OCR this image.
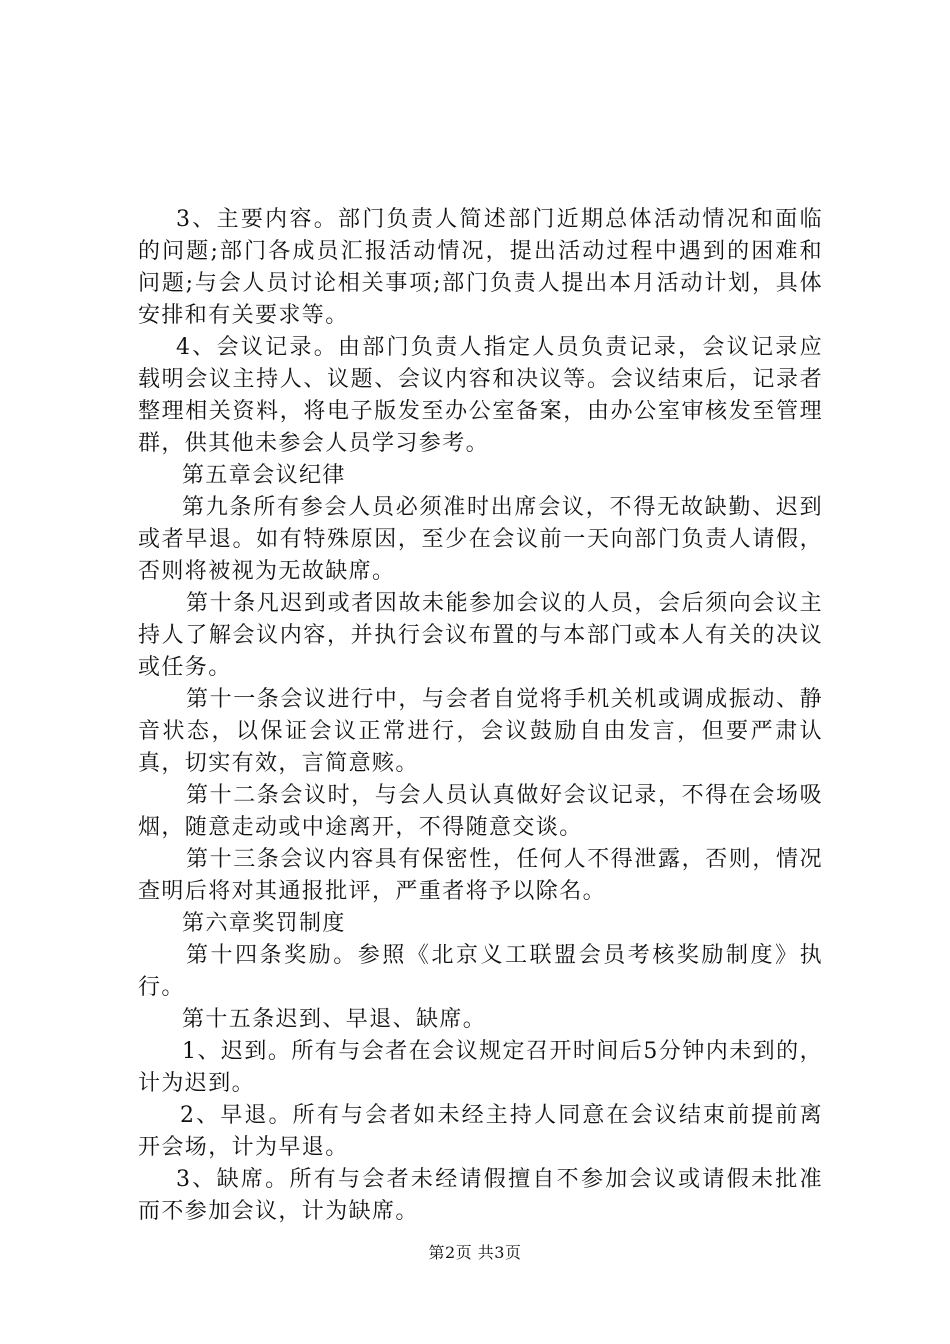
3、主要内容。部门负责人简述部门近期总体活动情况和面临的问题;部门各成员汇报活动情况，提出活动过程中遇到的困难和问题;与会人员讨论相关事项;部门负责人提出本月活动计划，具体安排和有关要求等。

4、会议记录。由部门负责人指定人员负责记录，会议记录应载明会议主持人、议题、会议内容和决议等。会议结束后，记录者整理相关资料，将电子版发至办公室备案，由办公室审核发至管理群，供其他未参会人员学习参考。

第五章会议纪律

第九条所有参会人员必须准时出席会议，不得无故缺勤、迟到或者早退。如有特殊原因，至少在会议前一天向部门负责人请假，否则将被视为无故缺席。

第十条凡迟到或者因故未能参加会议的人员，会后须向会议主持人了解会议内容，并执行会议布置的与本部门或本人有关的决议或任务。

第十一条会议进行中，与会者自觉将手机关机或调成振动、静音状态，以保证会议正常进行，会议鼓励自由发言，但要严肃认真，切实有效，言简意赅。

第十二条会议时，与会人员认真做好会议记录，不得在会场吸烟，随意走动或中途离开，不得随意交谈。

第十三条会议内容具有保密性，任何人不得泄露，否则，情况查明后将对其通报批评，严重者将予以除名。

第六章奖罚制度

第十四条奖励。参照《北京义工联盟会员考核奖励制度》执行。

第十五条迟到、早退、缺席。

1、迟到。所有与会者在会议规定召开时间后5分钟内未到的，计为迟到。

2、早退。所有与会者如未经主持人同意在会议结束前提前离开会场，计为早退。

3、缺席。所有与会者未经请假擅自不参加会议或请假未批准而不参加会议，计为缺席。

第2页 共3页
